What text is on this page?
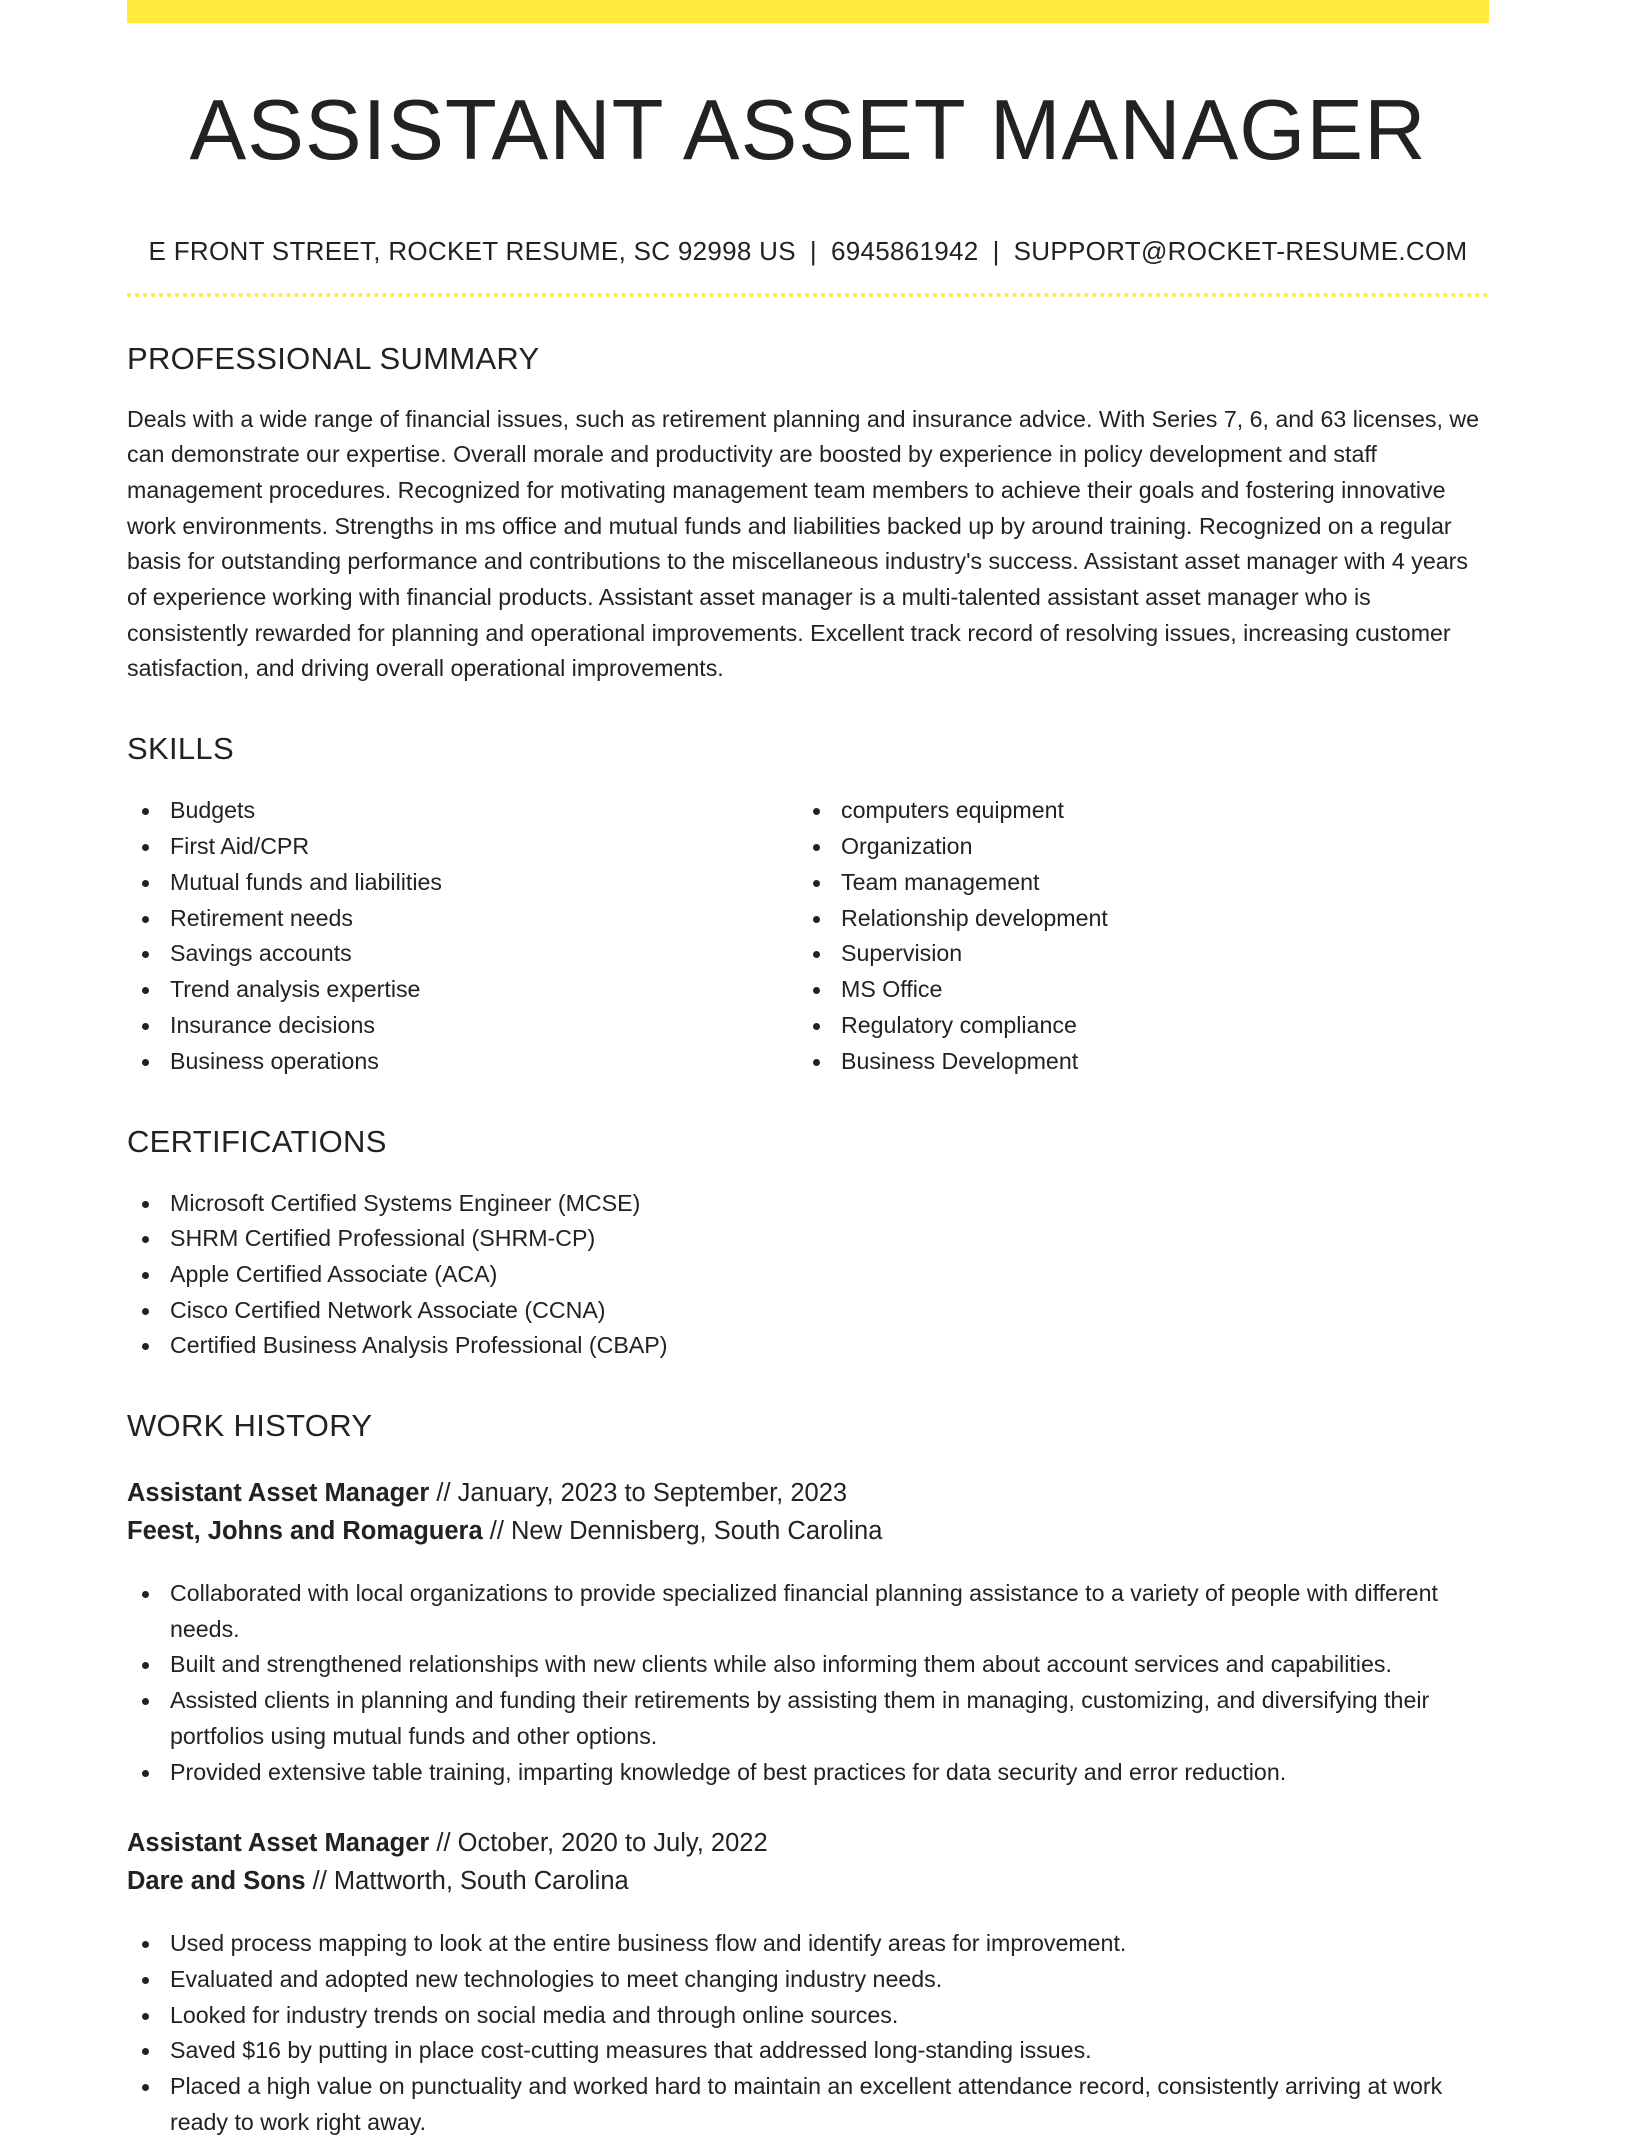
ASSISTANT ASSET MANAGER
E FRONT STREET, ROCKET RESUME, SC 92998 US | 6945861942 | SUPPORT@ROCKET-RESUME.COM
PROFESSIONAL SUMMARY

Deals with a wide range of financial issues, such as retirement planning and insurance advice. With Series 7, 6, and 63 licenses, we can demonstrate our expertise. Overall morale and productivity are boosted by experience in policy development and staff management procedures. Recognized for motivating management team members to achieve their goals and fostering innovative work environments. Strengths in ms office and mutual funds and liabilities backed up by around training. Recognized on a regular basis for outstanding performance and contributions to the miscellaneous industry's success. Assistant asset manager with 4 years of experience working with financial products. Assistant asset manager is a multi-talented assistant asset manager who is consistently rewarded for planning and operational improvements. Excellent track record of resolving issues, increasing customer satisfaction, and driving overall operational improvements.

SKILLS
Budgets
First Aid/CPR
Mutual funds and liabilities
Retirement needs
Savings accounts
Trend analysis expertise
Insurance decisions
Business operations
computers equipment
Organization
Team management
Relationship development
Supervision
MS Office
Regulatory compliance
Business Development
CERTIFICATIONS
Microsoft Certified Systems Engineer (MCSE)
SHRM Certified Professional (SHRM-CP)
Apple Certified Associate (ACA)
Cisco Certified Network Associate (CCNA)
Certified Business Analysis Professional (CBAP)
WORK HISTORY
Assistant Asset Manager // January, 2023 to September, 2023
Feest, Johns and Romaguera // New Dennisberg, South Carolina
Collaborated with local organizations to provide specialized financial planning assistance to a variety of people with different needs.
Built and strengthened relationships with new clients while also informing them about account services and capabilities.
Assisted clients in planning and funding their retirements by assisting them in managing, customizing, and diversifying their portfolios using mutual funds and other options.
Provided extensive table training, imparting knowledge of best practices for data security and error reduction.
Assistant Asset Manager // October, 2020 to July, 2022
Dare and Sons // Mattworth, South Carolina
Used process mapping to look at the entire business flow and identify areas for improvement.
Evaluated and adopted new technologies to meet changing industry needs.
Looked for industry trends on social media and through online sources.
Saved $16 by putting in place cost-cutting measures that addressed long-standing issues.
Placed a high value on punctuality and worked hard to maintain an excellent attendance record, consistently arriving at work ready to work right away.
